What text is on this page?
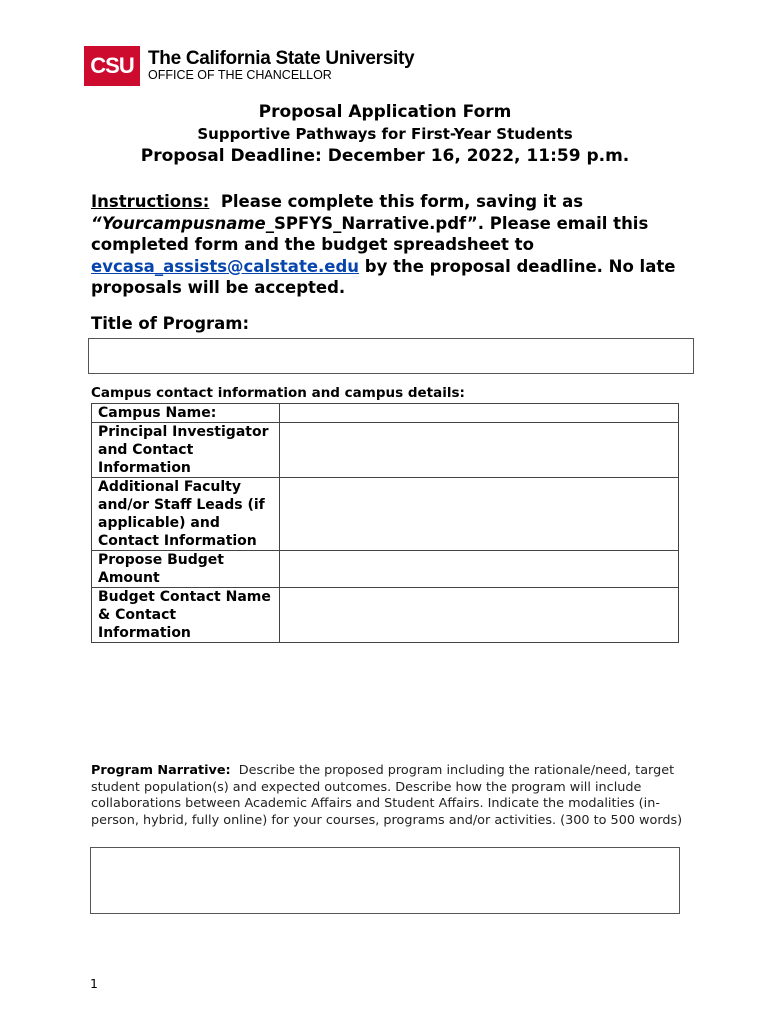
CSU The California State University
OFFICE OF THE CHANCELLOR
Proposal Application Form
Supportive Pathways for First-Year Students
Proposal Deadline: December 16, 2022, 11:59 p.m.
Instructions: Please complete this form, saving it as “Yourcampusname_SPFYS_Narrative.pdf”. Please email this completed form and the budget spreadsheet to evcasa_assists@calstate.edu by the proposal deadline. No late proposals will be accepted.
Title of Program:
Campus contact information and campus details:
Campus Name:	
Principal Investigator and Contact Information	
Additional Faculty and/or Staff Leads (if applicable) and Contact Information	
Propose Budget Amount	
Budget Contact Name & Contact Information	
Program Narrative: Describe the proposed program including the rationale/need, target student population(s) and expected outcomes. Describe how the program will include collaborations between Academic Affairs and Student Affairs. Indicate the modalities (in-person, hybrid, fully online) for your courses, programs and/or activities. (300 to 500 words)
1
